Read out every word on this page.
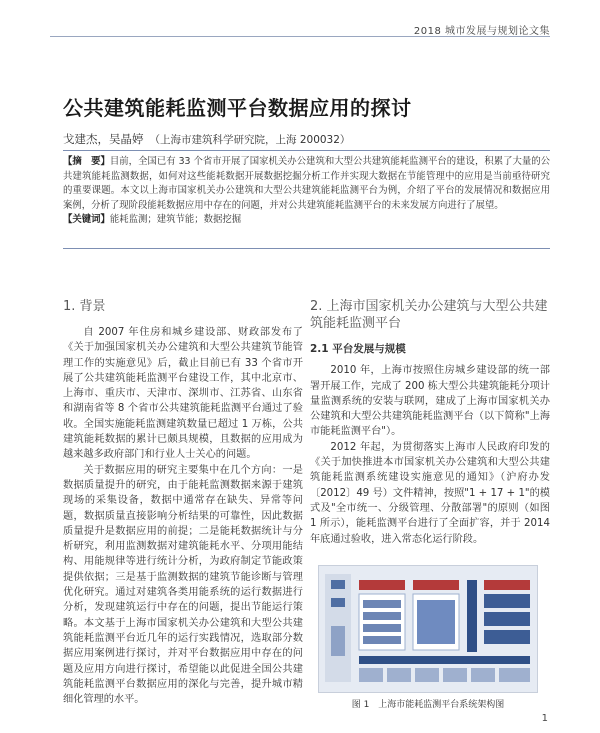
2018 城市发展与规划论文集
公共建筑能耗监测平台数据应用的探讨
戈建杰，吴晶婷 （上海市建筑科学研究院，上海 200032）

【摘　要】目前，全国已有 33 个省市开展了国家机关办公建筑和大型公共建筑能耗监测平台的建设，积累了大量的公共建筑能耗监测数据，如何对这些能耗数据开展数据挖掘分析工作并实现大数据在节能管理中的应用是当前亟待研究的重要课题。本文以上海市国家机关办公建筑和大型公共建筑能耗监测平台为例，介绍了平台的发展情况和数据应用案例，分析了现阶段能耗数据应用中存在的问题，并对公共建筑能耗监测平台的未来发展方向进行了展望。

【关键词】能耗监测；建筑节能；数据挖掘

1. 背景

自 2007 年住房和城乡建设部、财政部发布了《关于加强国家机关办公建筑和大型公共建筑节能管理工作的实施意见》后，截止目前已有 33 个省市开展了公共建筑能耗监测平台建设工作，其中北京市、上海市、重庆市、天津市、深圳市、江苏省、山东省和湖南省等 8 个省市公共建筑能耗监测平台通过了验收。全国实施能耗监测建筑数量已超过 1 万栋，公共建筑能耗数据的累计已颇具规模，且数据的应用成为越来越多政府部门和行业人士关心的问题。

关于数据应用的研究主要集中在几个方向：一是数据质量提升的研究，由于能耗监测数据来源于建筑现场的采集设备，数据中通常存在缺失、异常等问题，数据质量直接影响分析结果的可靠性，因此数据质量提升是数据应用的前提；二是能耗数据统计与分析研究，利用监测数据对建筑能耗水平、分项用能结构、用能规律等进行统计分析，为政府制定节能政策提供依据；三是基于监测数据的建筑节能诊断与管理优化研究。通过对建筑各类用能系统的运行数据进行分析，发现建筑运行中存在的问题，提出节能运行策略。本文基于上海市国家机关办公建筑和大型公共建筑能耗监测平台近几年的运行实践情况，选取部分数据应用案例进行探讨，并对平台数据应用中存在的问题及应用方向进行探讨，希望能以此促进全国公共建筑能耗监测平台数据应用的深化与完善，提升城市精细化管理的水平。

2. 上海市国家机关办公建筑与大型公共建筑能耗监测平台
2.1 平台发展与规模

2010 年，上海市按照住房城乡建设部的统一部署开展工作，完成了 200 栋大型公共建筑能耗分项计量监测系统的安装与联网，建成了上海市国家机关办公建筑和大型公共建筑能耗监测平台（以下简称"上海市能耗监测平台"）。

2012 年起，为贯彻落实上海市人民政府印发的《关于加快推进本市国家机关办公建筑和大型公共建筑能耗监测系统建设实施意见的通知》（沪府办发〔2012〕49 号）文件精神，按照"1 + 17 + 1"的模式及"全市统一、分级管理、分散部署"的原则（如图 1 所示），能耗监测平台进行了全面扩容，并于 2014 年底通过验收，进入常态化运行阶段。

图 1　上海市能耗监测平台系统架构图
1
